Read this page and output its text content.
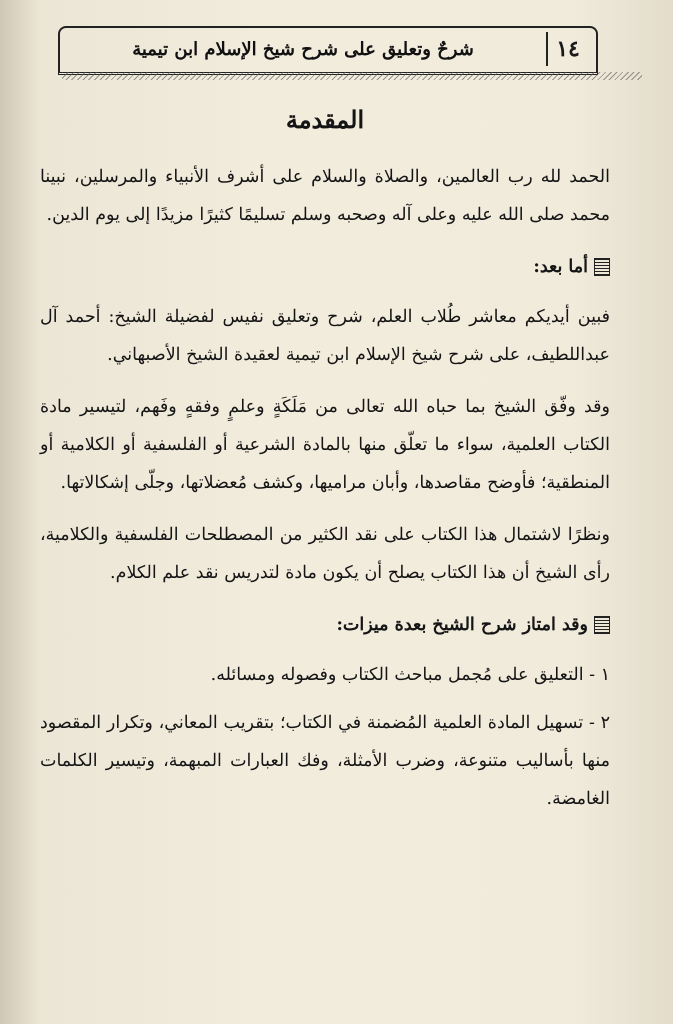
١٤
شرحٌ وتعليق على شرح شيخ الإسلام ابن تيمية
المقدمة

الحمد لله رب العالمين، والصلاة والسلام على أشرف الأنبياء والمرسلين، نبينا محمد صلى الله عليه وعلى آله وصحبه وسلم تسليمًا كثيرًا مزيدًا إلى يوم الدين.

أما بعد:

فبين أيديكم معاشر طُلاب العلم، شرح وتعليق نفيس لفضيلة الشيخ: أحمد آل عبداللطيف، على شرح شيخ الإسلام ابن تيمية لعقيدة الشيخ الأصبهاني.

وقد وفّق الشيخ بما حباه الله تعالى من مَلَكَةٍ وعلمٍ وفقهٍ وفَهم، لتيسير مادة الكتاب العلمية، سواء ما تعلّق منها بالمادة الشرعية أو الفلسفية أو الكلامية أو المنطقية؛ فأوضح مقاصدها، وأبان مراميها، وكشف مُعضلاتها، وجلّى إشكالاتها.

ونظرًا لاشتمال هذا الكتاب على نقد الكثير من المصطلحات الفلسفية والكلامية، رأى الشيخ أن هذا الكتاب يصلح أن يكون مادة لتدريس نقد علم الكلام.

وقد امتاز شرح الشيخ بعدة ميزات:

١ - التعليق على مُجمل مباحث الكتاب وفصوله ومسائله.

٢ - تسهيل المادة العلمية المُضمنة في الكتاب؛ بتقريب المعاني، وتكرار المقصود منها بأساليب متنوعة، وضرب الأمثلة، وفك العبارات المبهمة، وتيسير الكلمات الغامضة.
